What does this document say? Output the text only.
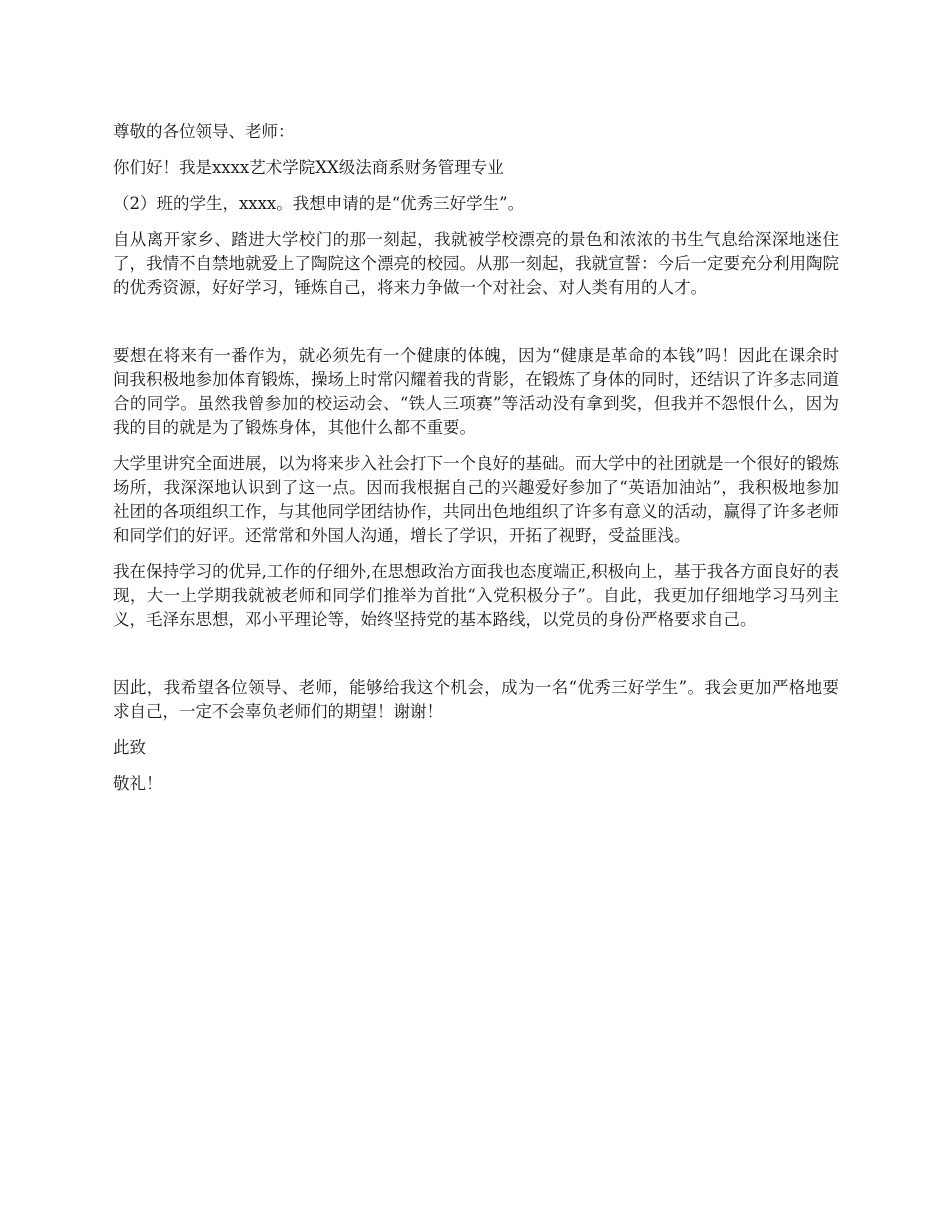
尊敬的各位领导、老师：

你们好！我是xxxx艺术学院XX级法商系财务管理专业

（2）班的学生，xxxx。我想申请的是“优秀三好学生”。

自从离开家乡、踏进大学校门的那一刻起，我就被学校漂亮的景色和浓浓的书生气息给深深地迷住了，我情不自禁地就爱上了陶院这个漂亮的校园。从那一刻起，我就宣誓：今后一定要充分利用陶院的优秀资源，好好学习，锤炼自己，将来力争做一个对社会、对人类有用的人才。

要想在将来有一番作为，就必须先有一个健康的体魄，因为“健康是革命的本钱”吗！因此在课余时间我积极地参加体育锻炼，操场上时常闪耀着我的背影，在锻炼了身体的同时，还结识了许多志同道合的同学。虽然我曾参加的校运动会、“铁人三项赛”等活动没有拿到奖，但我并不怨恨什么，因为我的目的就是为了锻炼身体，其他什么都不重要。

大学里讲究全面进展，以为将来步入社会打下一个良好的基础。而大学中的社团就是一个很好的锻炼场所，我深深地认识到了这一点。因而我根据自己的兴趣爱好参加了“英语加油站”，我积极地参加社团的各项组织工作，与其他同学团结协作，共同出色地组织了许多有意义的活动，赢得了许多老师和同学们的好评。还常常和外国人沟通，增长了学识，开拓了视野，受益匪浅。

我在保持学习的优异,工作的仔细外,在思想政治方面我也态度端正,积极向上，基于我各方面良好的表现，大一上学期我就被老师和同学们推举为首批“入党积极分子”。自此，我更加仔细地学习马列主义，毛泽东思想，邓小平理论等，始终坚持党的基本路线，以党员的身份严格要求自己。

因此，我希望各位领导、老师，能够给我这个机会，成为一名“优秀三好学生”。我会更加严格地要求自己，一定不会辜负老师们的期望！谢谢！

此致

敬礼！
